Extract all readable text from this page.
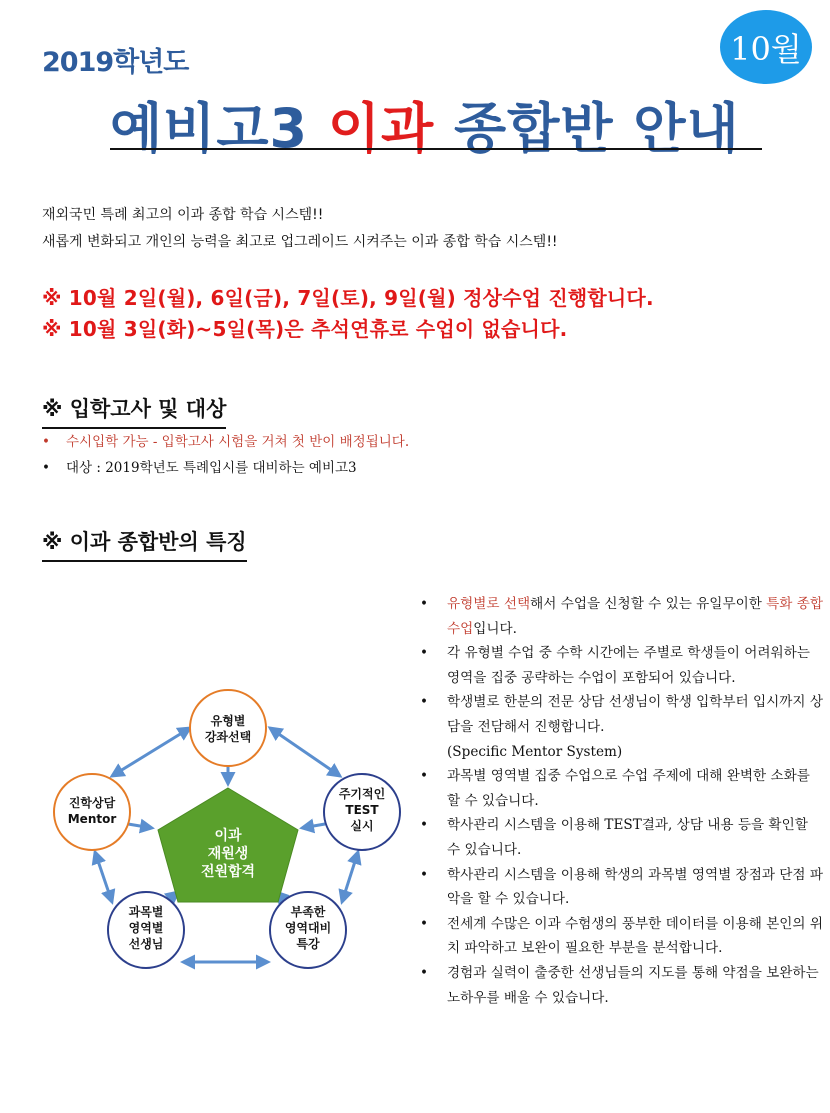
2019학년도	10월
예비고3 이과 종합반 안내
재외국민 특례 최고의 이과 종합 학습 시스템!!
새롭게 변화되고 개인의 능력을 최고로 업그레이드 시켜주는 이과 종합 학습 시스템!!
※ 10월 2일(월), 6일(금), 7일(토), 9일(월) 정상수업 진행합니다.
※ 10월 3일(화)~5일(목)은 추석연휴로 수업이 없습니다.
※ 입학고사 및 대상
• 수시입학 가능 - 입학고사 시험을 거쳐 첫 반이 배정됩니다.
• 대상 : 2019학년도 특례입시를 대비하는 예비고3
※ 이과 종합반의 특징
이과
재원생
전원합격
유형별
강좌선택
주기적인
TEST
실시
부족한
영역대비
특강
과목별
영역별
선생님
진학상담
Mentor
• 유형별로 선택해서 수업을 신청할 수 있는 유일무이한 특화 종합수업입니다.
• 각 유형별 수업 중 수학 시간에는 주별로 학생들이 어려워하는 영역을 집중 공략하는 수업이 포함되어 있습니다.
• 학생별로 한분의 전문 상담 선생님이 학생 입학부터 입시까지 상담을 전담해서 진행합니다.
(Specific Mentor System)
• 과목별 영역별 집중 수업으로 수업 주제에 대해 완벽한 소화를 할 수 있습니다.
• 학사관리 시스템을 이용해 TEST결과, 상담 내용 등을 확인할 수 있습니다.
• 학사관리 시스템을 이용해 학생의 과목별 영역별 장점과 단점 파악을 할 수 있습니다.
• 전세계 수많은 이과 수험생의 풍부한 데이터를 이용해 본인의 위치 파악하고 보완이 필요한 부분을 분석합니다.
• 경험과 실력이 출중한 선생님들의 지도를 통해 약점을 보완하는 노하우를 배울 수 있습니다.
